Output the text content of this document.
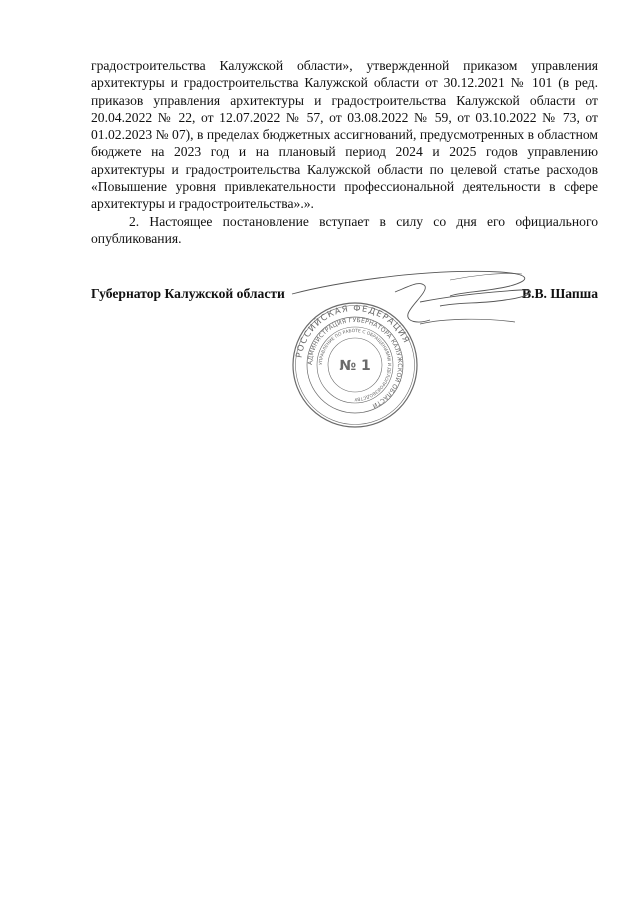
градостроительства Калужской области», утвержденной приказом управления архитектуры и градостроительства Калужской области от 30.12.2021 № 101 (в ред. приказов управления архитектуры и градостроительства Калужской области от 20.04.2022 № 22, от 12.07.2022 № 57, от 03.08.2022 № 59, от 03.10.2022 № 73, от 01.02.2023 № 07), в пределах бюджетных ассигнований, предусмотренных в областном бюджете на 2023 год и на плановый период 2024 и 2025 годов управлению архитектуры и градостроительства Калужской области по целевой статье расходов «Повышение уровня привлекательности профессиональной деятельности в сфере архитектуры и градостроительства».».

2. Настоящее постановление вступает в силу со дня его официального опубликования.

Губернатор Калужской области	В.В. Шапша
РОССИЙСКАЯ ФЕДЕРАЦИЯ
АДМИНИСТРАЦИЯ ГУБЕРНАТОРА КАЛУЖСКОЙ ОБЛАСТИ
УПРАВЛЕНИЕ ПО РАБОТЕ С ОБРАЩЕНИЯМИ И ДЕЛОПРОИЗВОДСТВУ
№ 1
